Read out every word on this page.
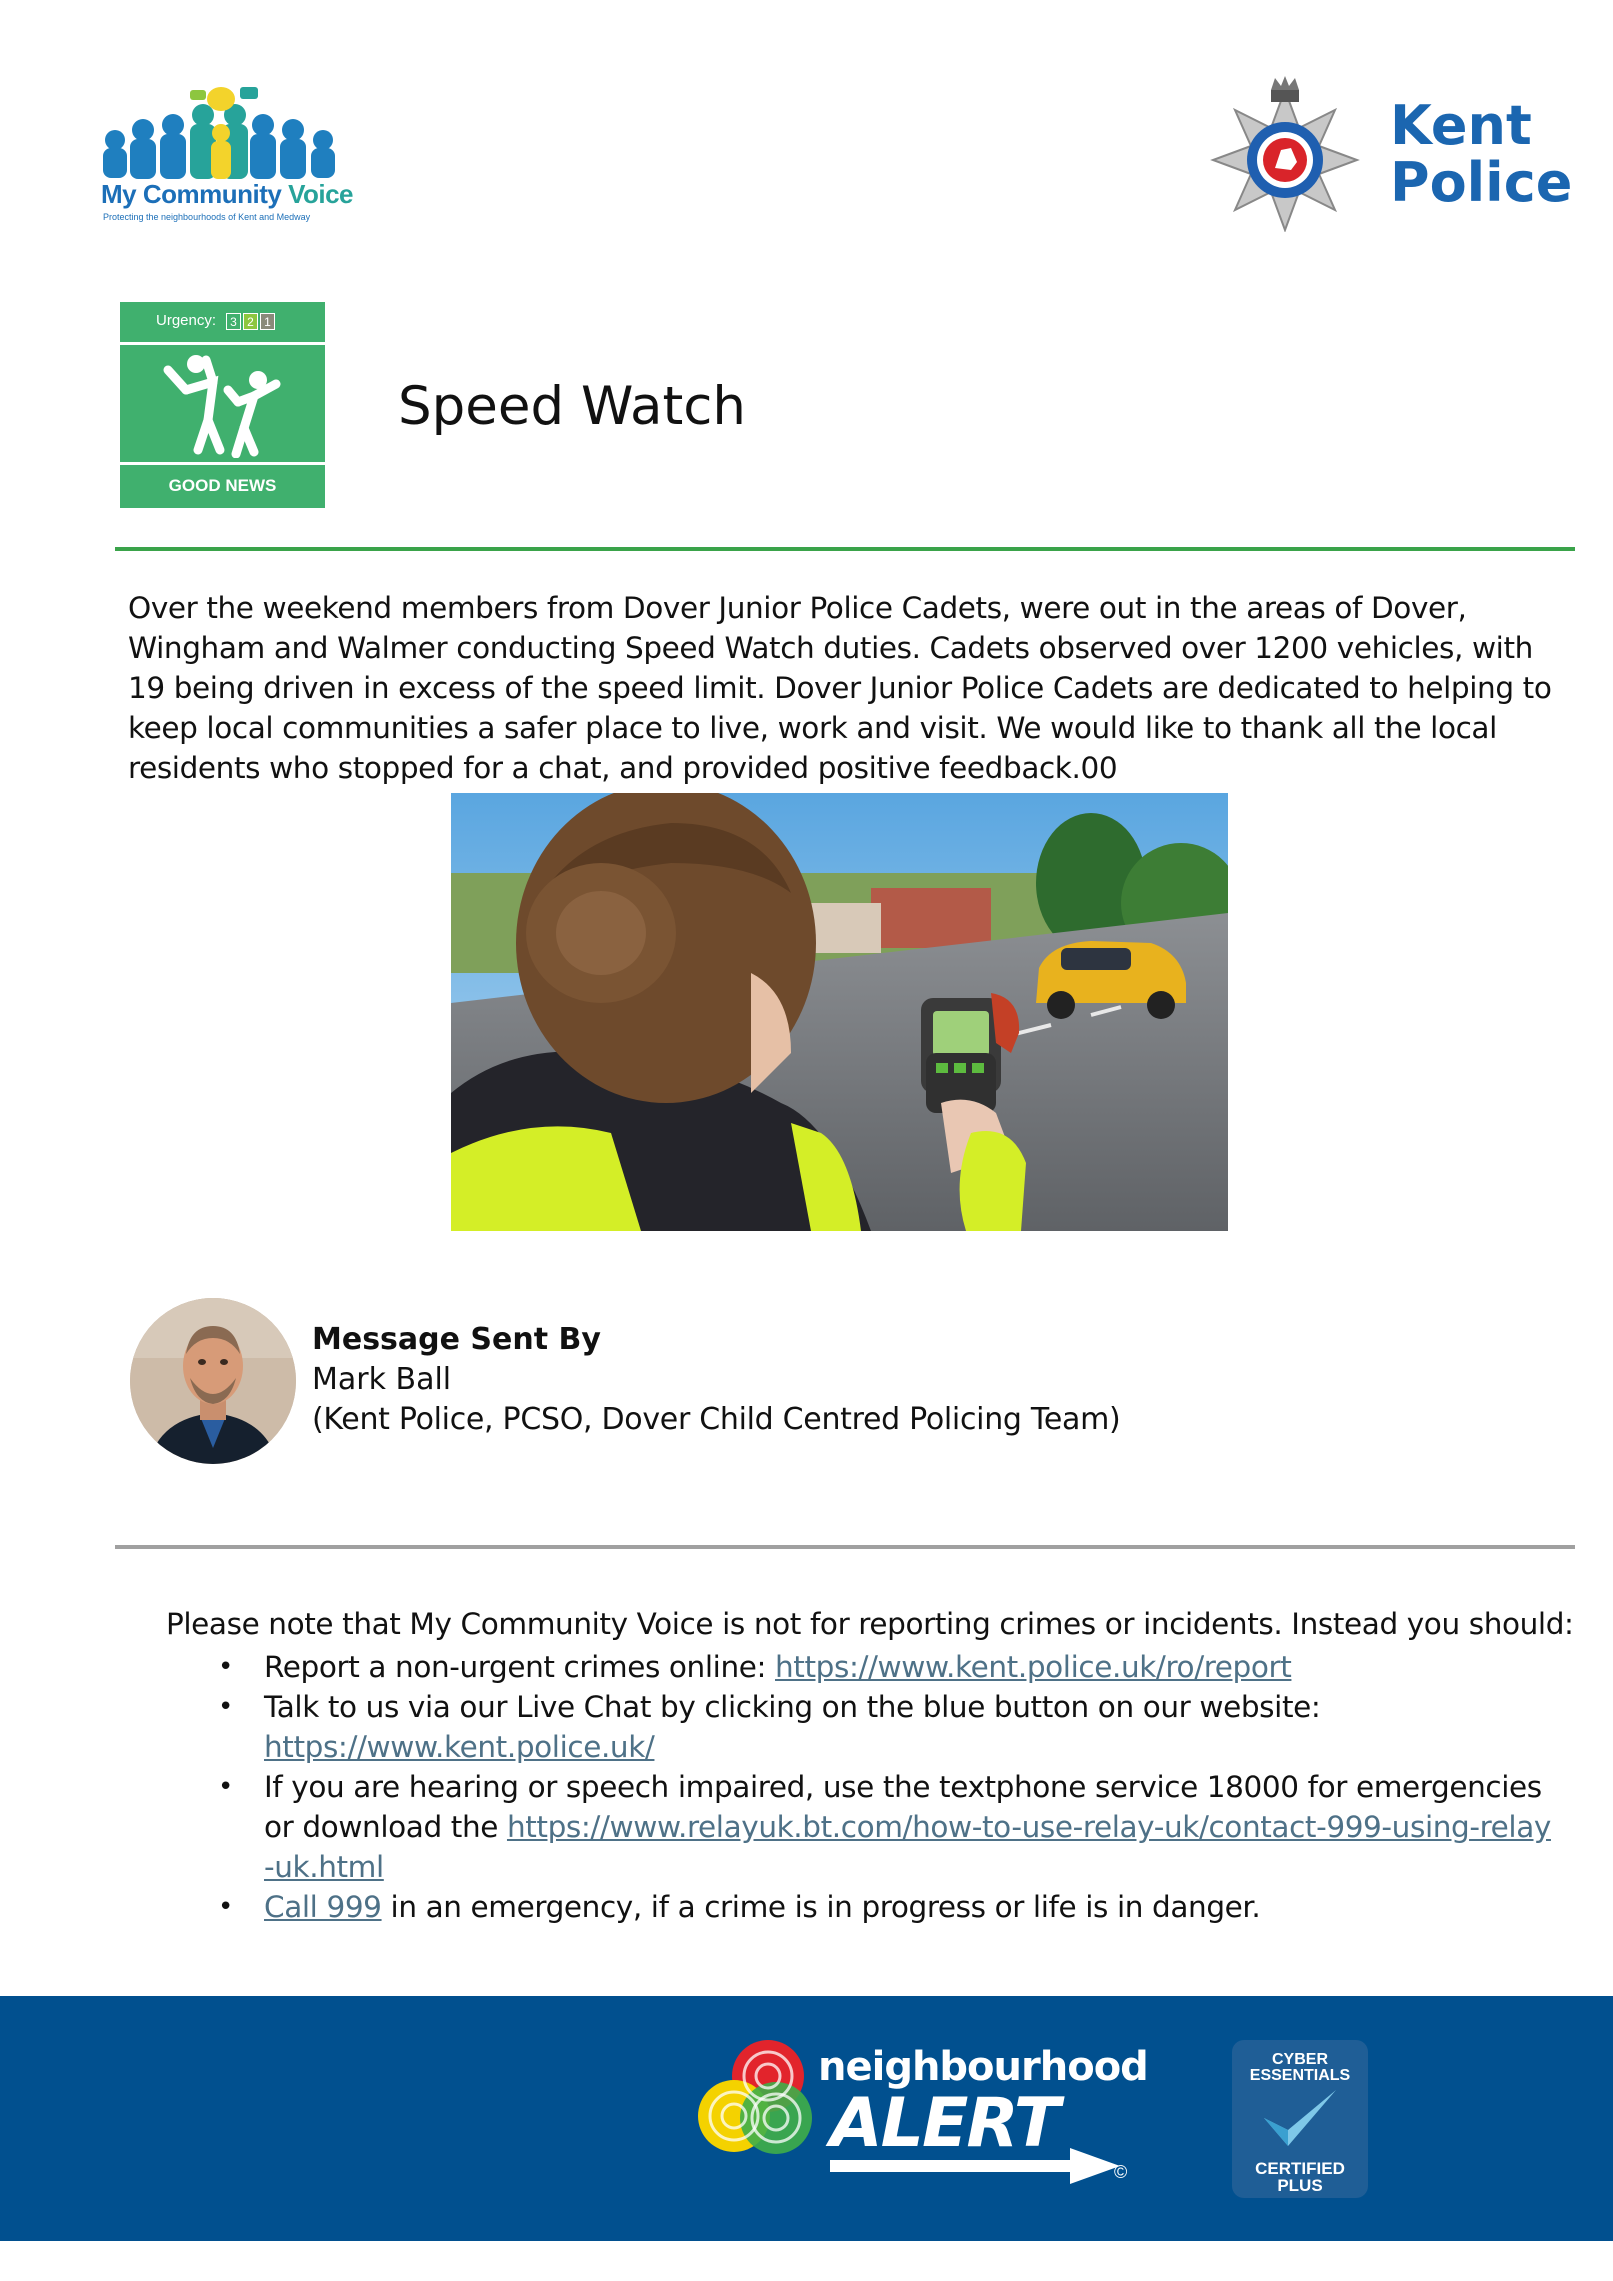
My Community Voice
Protecting the neighbourhoods of Kent and Medway
Kent
Police
Urgency:	3 2 1
GOOD NEWS
Speed Watch
Over the weekend members from Dover Junior Police Cadets, were out in the areas of Dover, Wingham and Walmer conducting Speed Watch duties. Cadets observed over 1200 vehicles, with 19 being driven in excess of the speed limit. Dover Junior Police Cadets are dedicated to helping to keep local communities a safer place to live, work and visit. We would like to thank all the local residents who stopped for a chat, and provided positive feedback.00
Message Sent By
Mark Ball
(Kent Police, PCSO, Dover Child Centred Policing Team)
Please note that My Community Voice is not for reporting crimes or incidents. Instead you should:
• Report a non-urgent crimes online: https://www.kent.police.uk/ro/report
• Talk to us via our Live Chat by clicking on the blue button on our website: https://www.kent.police.uk/
• If you are hearing or speech impaired, use the textphone service 18000 for emergencies or download the https://www.relayuk.bt.com/how-to-use-relay-uk/contact-999-using-relay-uk.html
• Call 999 in an emergency, if a crime is in progress or life is in danger.
neighbourhood
ALERT
©
CYBER
ESSENTIALS
CERTIFIED
PLUS
